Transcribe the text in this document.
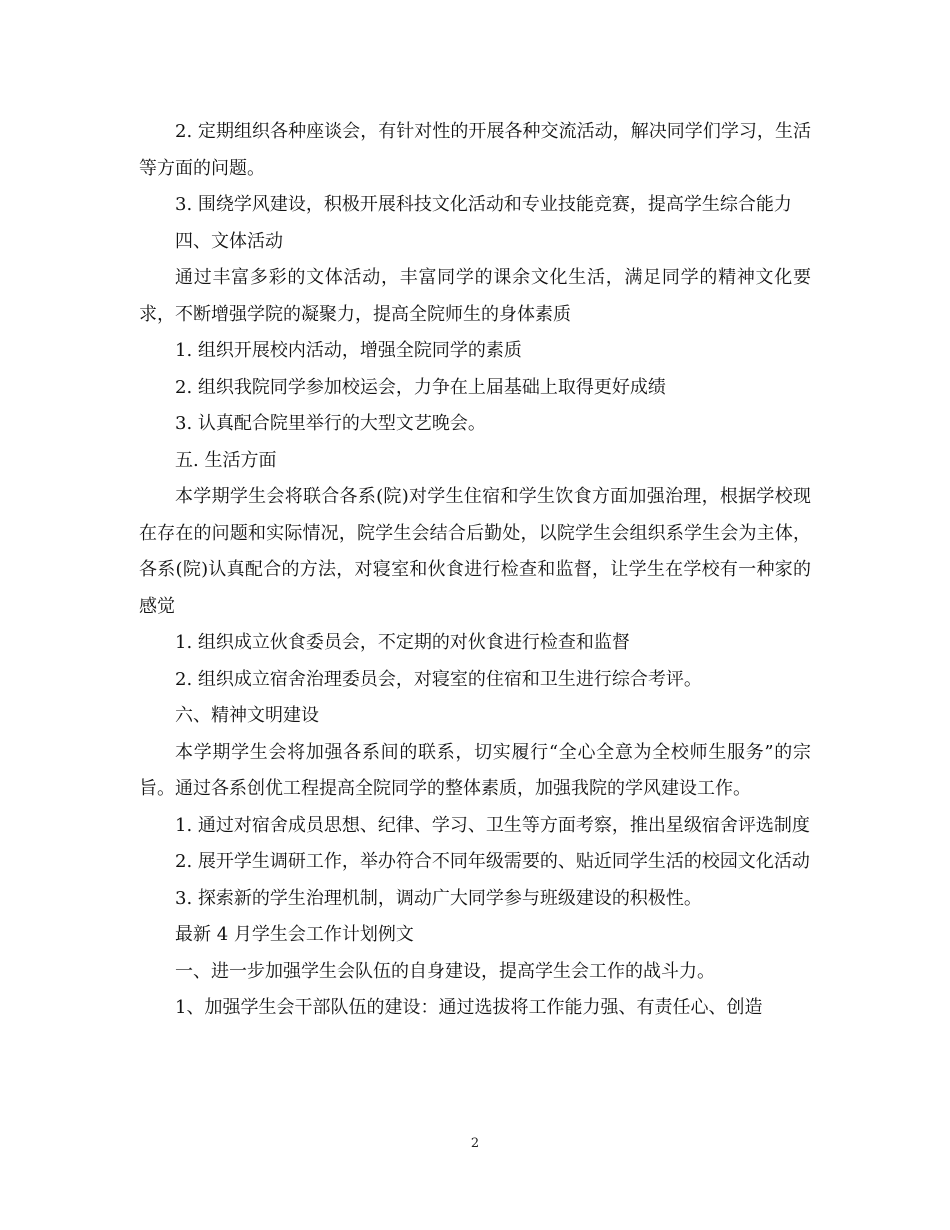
2. 定期组织各种座谈会，有针对性的开展各种交流活动，解决同学们学习，生活等方面的问题。

3. 围绕学风建设，积极开展科技文化活动和专业技能竞赛，提高学生综合能力

四、文体活动

通过丰富多彩的文体活动，丰富同学的课余文化生活，满足同学的精神文化要求，不断增强学院的凝聚力，提高全院师生的身体素质

1. 组织开展校内活动，增强全院同学的素质

2. 组织我院同学参加校运会，力争在上届基础上取得更好成绩

3. 认真配合院里举行的大型文艺晚会。

五. 生活方面

本学期学生会将联合各系(院)对学生住宿和学生饮食方面加强治理，根据学校现在存在的问题和实际情况，院学生会结合后勤处，以院学生会组织系学生会为主体，各系(院)认真配合的方法，对寝室和伙食进行检查和监督，让学生在学校有一种家的感觉

1. 组织成立伙食委员会，不定期的对伙食进行检查和监督

2. 组织成立宿舍治理委员会，对寝室的住宿和卫生进行综合考评。

六、精神文明建设

本学期学生会将加强各系间的联系，切实履行“全心全意为全校师生服务”的宗旨。通过各系创优工程提高全院同学的整体素质，加强我院的学风建设工作。

1. 通过对宿舍成员思想、纪律、学习、卫生等方面考察，推出星级宿舍评选制度

2. 展开学生调研工作，举办符合不同年级需要的、贴近同学生活的校园文化活动

3. 探索新的学生治理机制，调动广大同学参与班级建设的积极性。

最新 4 月学生会工作计划例文

一、进一步加强学生会队伍的自身建设，提高学生会工作的战斗力。

1、加强学生会干部队伍的建设：通过选拔将工作能力强、有责任心、创造

2
